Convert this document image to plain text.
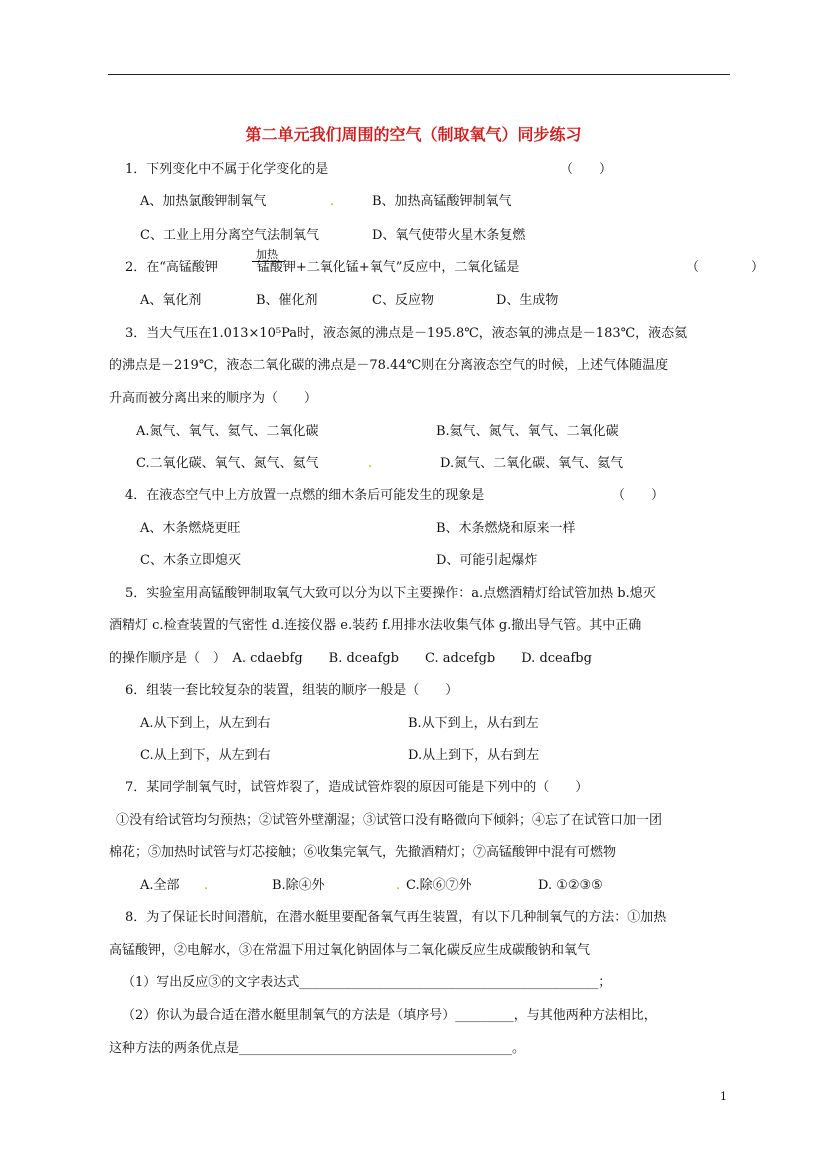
第二单元我们周围的空气（制取氧气）同步练习
1．下列变化中不属于化学变化的是	（　　）
A、加热氯酸钾制氧气	.	B、加热高锰酸钾制氧气
C、工业上用分离空气法制氧气	D、氧气使带火星木条复燃
加热
2．在“高锰酸钾　　　锰酸钾+二氧化锰+氧气”反应中，二氧化锰是	（　　　　）
A、氧化剂	B、催化剂	C、反应物	D、生成物
3．当大气压在1.013×10⁵Pa时，液态氮的沸点是－195.8℃，液态氧的沸点是－183℃，液态氦
的沸点是－219℃，液态二氧化碳的沸点是－78.44℃则在分离液态空气的时候，上述气体随温度
升高而被分离出来的顺序为（　　）
A.氮气、氧气、氦气、二氧化碳	B.氦气、氮气、氧气、二氧化碳
C.二氧化碳、氧气、氮气、氦气	.	D.氮气、二氧化碳、氧气、氦气
4．在液态空气中上方放置一点燃的细木条后可能发生的现象是	（　　）
A、木条燃烧更旺	B、木条燃烧和原来一样
C、木条立即熄灭	D、可能引起爆炸
5．实验室用高锰酸钾制取氧气大致可以分为以下主要操作：a.点燃酒精灯给试管加热 b.熄灭
酒精灯 c.检查装置的气密性 d.连接仪器 e.装药 f.用排水法收集气体 g.撤出导气管。其中正确
的操作顺序是（　）　A. cdaebfg　　B. dceafgb　　C. adcefgb　　D. dceafbg
6．组装一套比较复杂的装置，组装的顺序一般是（　　）
A.从下到上，从左到右	B.从下到上，从右到左
C.从上到下，从左到右	D.从上到下，从右到左
7．某同学制氧气时，试管炸裂了，造成试管炸裂的原因可能是下列中的（　　）
①没有给试管均匀预热；②试管外壁潮湿；③试管口没有略微向下倾斜；④忘了在试管口加一团
棉花；⑤加热时试管与灯芯接触；⑥收集完氧气，先撤酒精灯；⑦高锰酸钾中混有可燃物
A.全部 .	B.除④外	. C.除⑥⑦外	D. ①②③⑤
8．为了保证长时间潜航，在潜水艇里要配备氧气再生装置，有以下几种制氧气的方法：①加热
高锰酸钾，②电解水，③在常温下用过氧化钠固体与二氧化碳反应生成碳酸钠和氧气
（1）写出反应③的文字表达式______________________________________________；
（2）你认为最合适在潜水艇里制氧气的方法是（填序号）_________，与其他两种方法相比，
这种方法的两条优点是__________________________________________。
1
